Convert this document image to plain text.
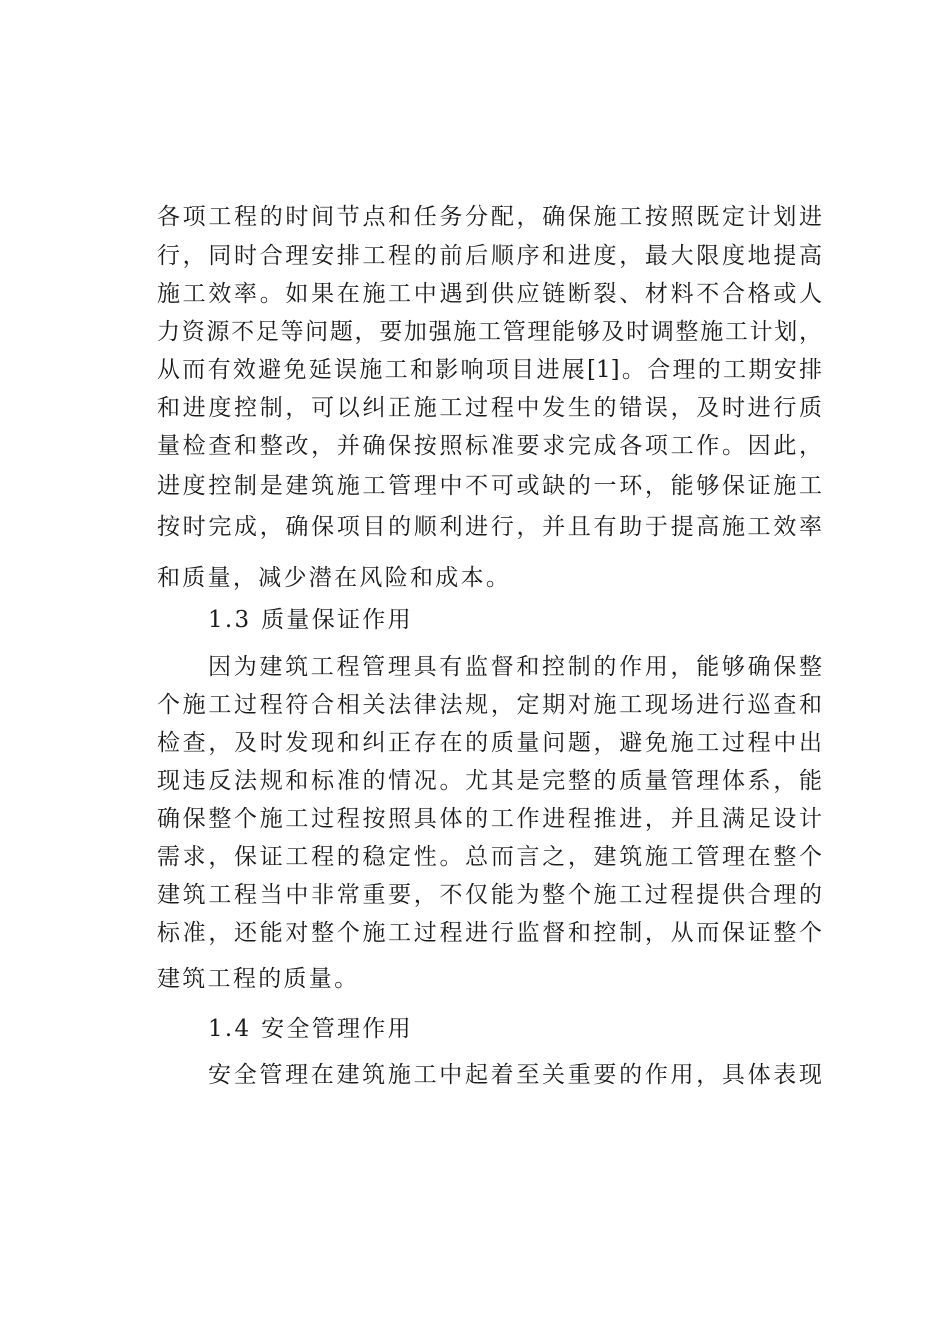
各项工程的时间节点和任务分配，确保施工按照既定计划进
行，同时合理安排工程的前后顺序和进度，最大限度地提高
施工效率。如果在施工中遇到供应链断裂、材料不合格或人
力资源不足等问题，要加强施工管理能够及时调整施工计划，
从而有效避免延误施工和影响项目进展[1]。合理的工期安排
和进度控制，可以纠正施工过程中发生的错误，及时进行质
量检查和整改，并确保按照标准要求完成各项工作。因此，
进度控制是建筑施工管理中不可或缺的一环，能够保证施工
按时完成，确保项目的顺利进行，并且有助于提高施工效率
和质量，减少潜在风险和成本。
1.3 质量保证作用
因为建筑工程管理具有监督和控制的作用，能够确保整
个施工过程符合相关法律法规，定期对施工现场进行巡查和
检查，及时发现和纠正存在的质量问题，避免施工过程中出
现违反法规和标准的情况。尤其是完整的质量管理体系，能
确保整个施工过程按照具体的工作进程推进，并且满足设计
需求，保证工程的稳定性。总而言之，建筑施工管理在整个
建筑工程当中非常重要，不仅能为整个施工过程提供合理的
标准，还能对整个施工过程进行监督和控制，从而保证整个
建筑工程的质量。
1.4 安全管理作用
安全管理在建筑施工中起着至关重要的作用，具体表现
